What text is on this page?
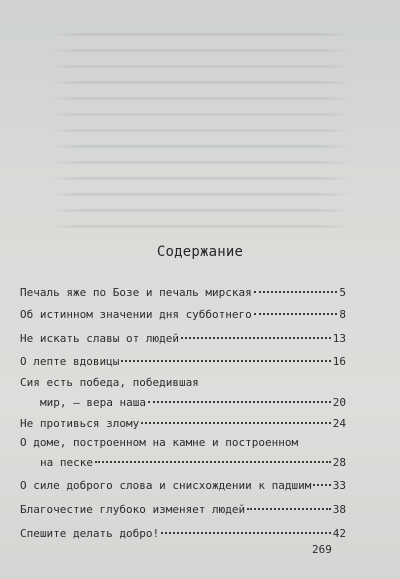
Содержание
Печаль яже по Бозе и печаль мирская	5
Об истинном значении дня субботнего	8
Не искать славы от людей	13
О лепте вдовицы	16
Сия есть победа, победившая
мир, — вера наша	20
Не противься злому	24
О доме, построенном на камне и построенном
на песке	28
О силе доброго слова и снисхождении к падшим 33
Благочестие глубоко изменяет людей	38
Спешите делать добро!	42
269
